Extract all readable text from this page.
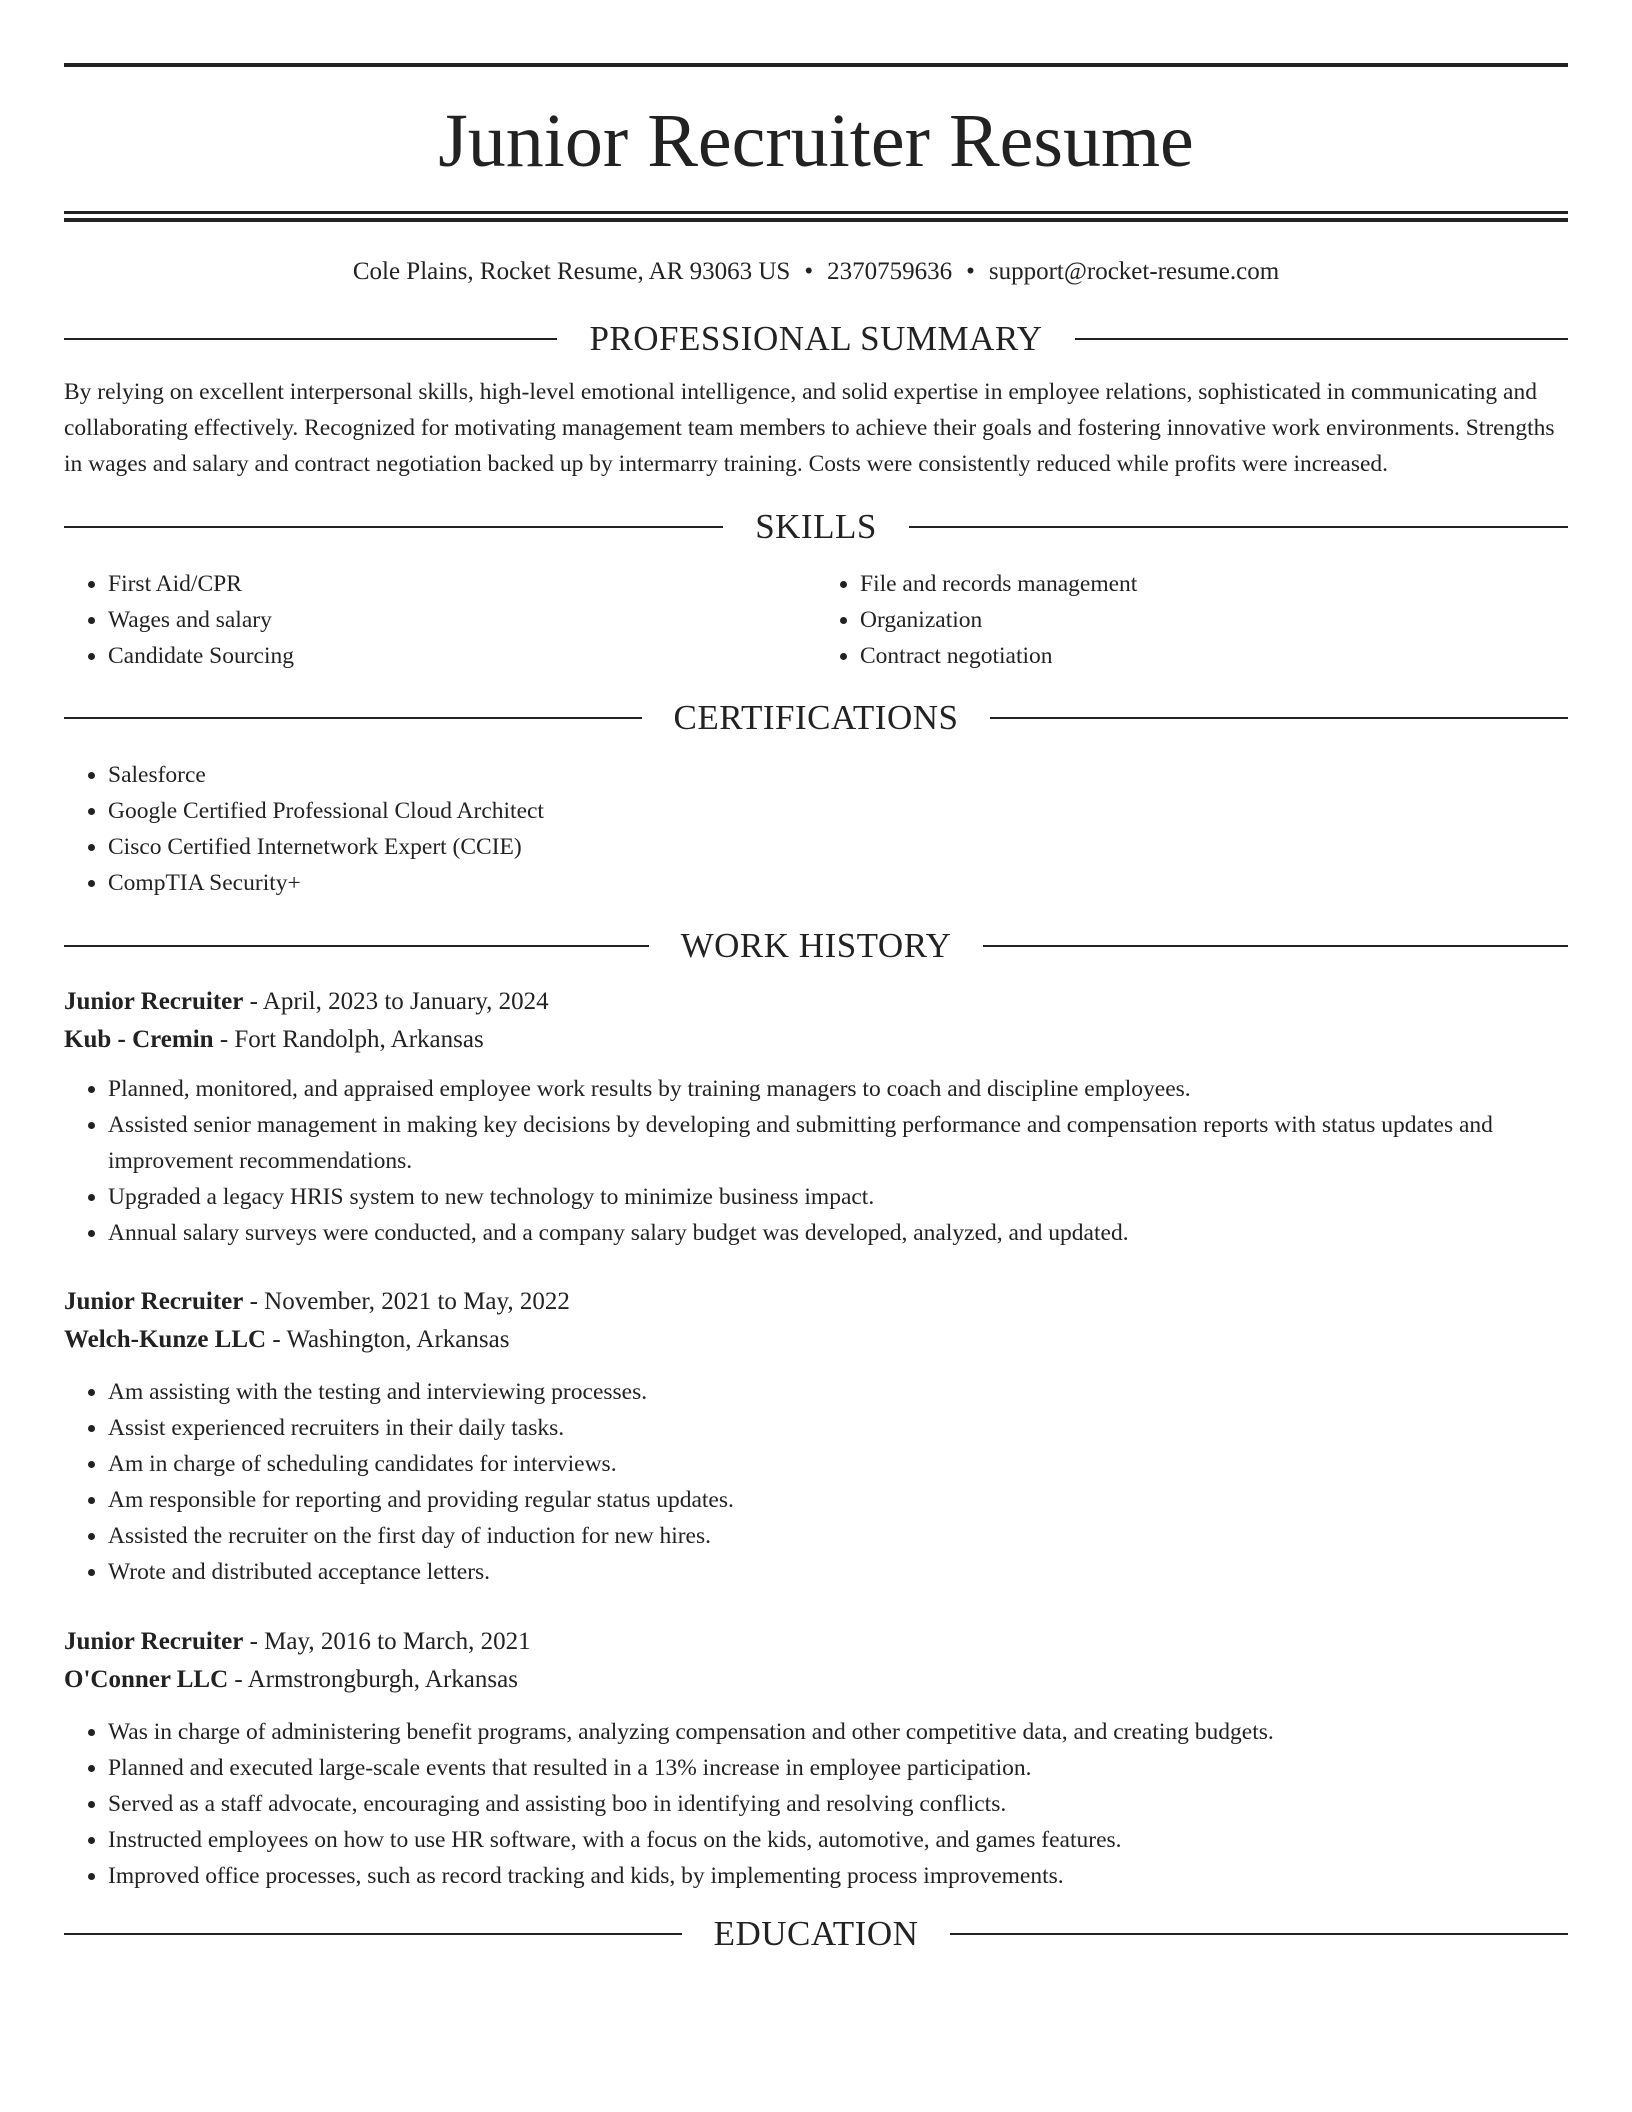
Junior Recruiter Resume
Cole Plains, Rocket Resume, AR 93063 US • 2370759636 • support@rocket-resume.com
PROFESSIONAL SUMMARY

By relying on excellent interpersonal skills, high-level emotional intelligence, and solid expertise in employee relations, sophisticated in communicating and collaborating effectively. Recognized for motivating management team members to achieve their goals and fostering innovative work environments. Strengths in wages and salary and contract negotiation backed up by intermarry training. Costs were consistently reduced while profits were increased.

SKILLS
• First Aid/CPR
• Wages and salary
• Candidate Sourcing
• File and records management
• Organization
• Contract negotiation
CERTIFICATIONS
• Salesforce
• Google Certified Professional Cloud Architect
• Cisco Certified Internetwork Expert (CCIE)
• CompTIA Security+
WORK HISTORY
Junior Recruiter - April, 2023 to January, 2024
Kub - Cremin - Fort Randolph, Arkansas
• Planned, monitored, and appraised employee work results by training managers to coach and discipline employees.
• Assisted senior management in making key decisions by developing and submitting performance and compensation reports with status updates and improvement recommendations.
• Upgraded a legacy HRIS system to new technology to minimize business impact.
• Annual salary surveys were conducted, and a company salary budget was developed, analyzed, and updated.
Junior Recruiter - November, 2021 to May, 2022
Welch-Kunze LLC - Washington, Arkansas
• Am assisting with the testing and interviewing processes.
• Assist experienced recruiters in their daily tasks.
• Am in charge of scheduling candidates for interviews.
• Am responsible for reporting and providing regular status updates.
• Assisted the recruiter on the first day of induction for new hires.
• Wrote and distributed acceptance letters.
Junior Recruiter - May, 2016 to March, 2021
O'Conner LLC - Armstrongburgh, Arkansas
• Was in charge of administering benefit programs, analyzing compensation and other competitive data, and creating budgets.
• Planned and executed large-scale events that resulted in a 13% increase in employee participation.
• Served as a staff advocate, encouraging and assisting boo in identifying and resolving conflicts.
• Instructed employees on how to use HR software, with a focus on the kids, automotive, and games features.
• Improved office processes, such as record tracking and kids, by implementing process improvements.
EDUCATION
